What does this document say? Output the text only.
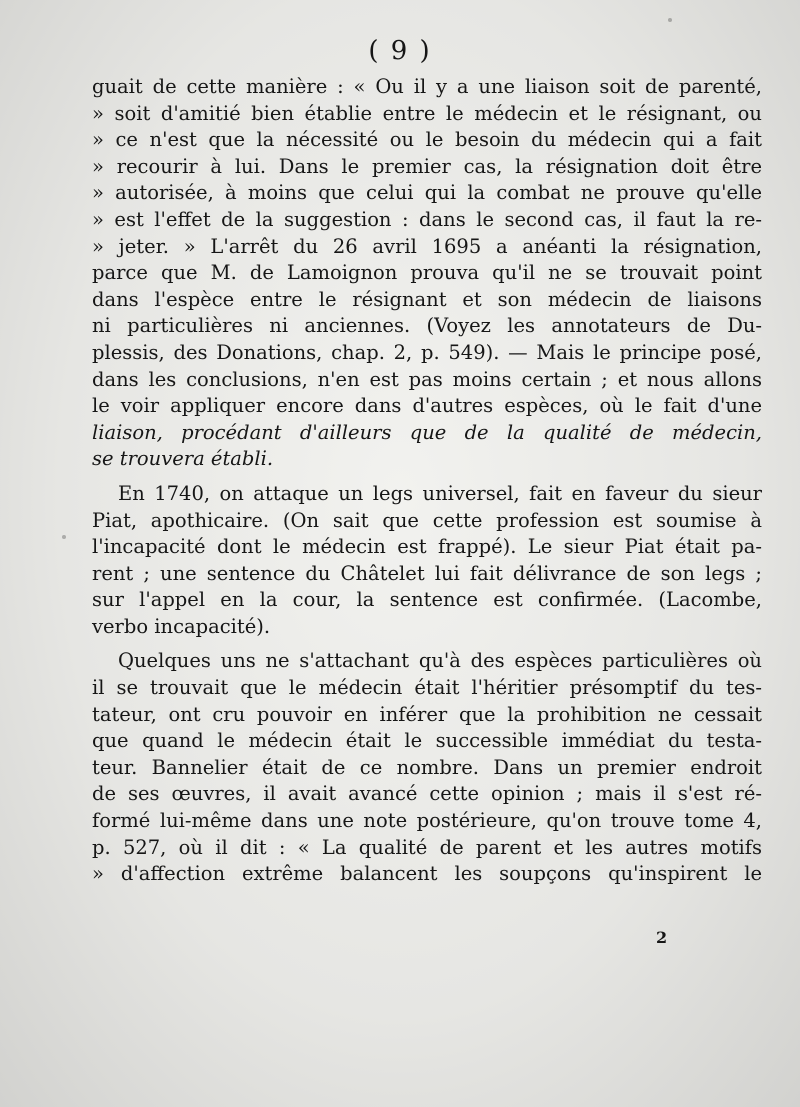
( 9 )
guait de cette manière : « Ou il y a une liaison soit de parenté,
» soit d'amitié bien établie entre le médecin et le résignant, ou
» ce n'est que la nécessité ou le besoin du médecin qui a fait
» recourir à lui. Dans le premier cas, la résignation doit être
» autorisée, à moins que celui qui la combat ne prouve qu'elle
» est l'effet de la suggestion : dans le second cas, il faut la re-
» jeter. » L'arrêt du 26 avril 1695 a anéanti la résignation,
parce que M. de Lamoignon prouva qu'il ne se trouvait point
dans l'espèce entre le résignant et son médecin de liaisons
ni particulières ni anciennes. (Voyez les annotateurs de Du-
plessis, des Donations, chap. 2, p. 549). — Mais le principe posé,
dans les conclusions, n'en est pas moins certain ; et nous allons
le voir appliquer encore dans d'autres espèces, où le fait d'une
liaison, procédant d'ailleurs que de la qualité de médecin,
se trouvera établi.
En 1740, on attaque un legs universel, fait en faveur du sieur
Piat, apothicaire. (On sait que cette profession est soumise à
l'incapacité dont le médecin est frappé). Le sieur Piat était pa-
rent ; une sentence du Châtelet lui fait délivrance de son legs ;
sur l'appel en la cour, la sentence est confirmée. (Lacombe,
verbo incapacité).
Quelques uns ne s'attachant qu'à des espèces particulières où
il se trouvait que le médecin était l'héritier présomptif du tes-
tateur, ont cru pouvoir en inférer que la prohibition ne cessait
que quand le médecin était le successible immédiat du testa-
teur. Bannelier était de ce nombre. Dans un premier endroit
de ses œuvres, il avait avancé cette opinion ; mais il s'est ré-
formé lui-même dans une note postérieure, qu'on trouve tome 4,
p. 527, où il dit : « La qualité de parent et les autres motifs
» d'affection extrême balancent les soupçons qu'inspirent le
2
